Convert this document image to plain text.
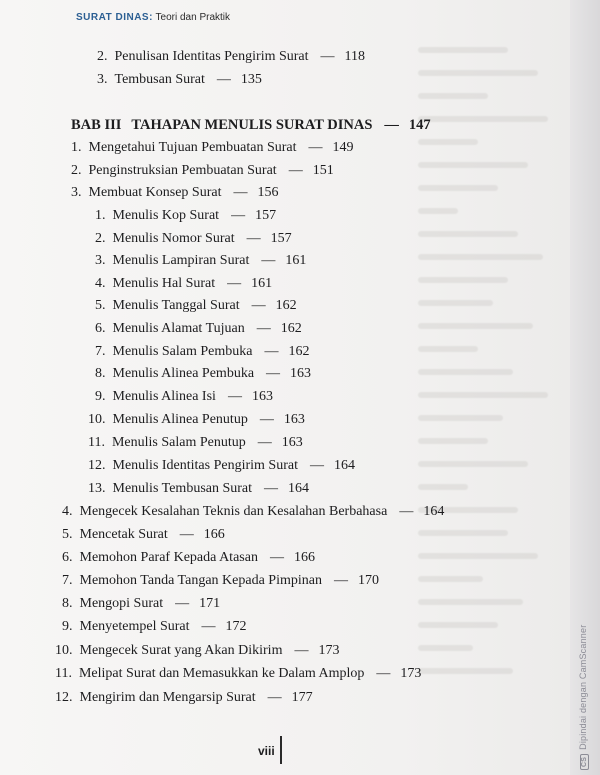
SURAT DINAS: Teori dan Praktik
2. Penulisan Identitas Pengirim Surat — 118
3. Tembusan Surat — 135
BAB III TAHAPAN MENULIS SURAT DINAS — 147
1. Mengetahui Tujuan Pembuatan Surat — 149
2. Penginstruksian Pembuatan Surat — 151
3. Membuat Konsep Surat — 156
1. Menulis Kop Surat — 157
2. Menulis Nomor Surat — 157
3. Menulis Lampiran Surat — 161
4. Menulis Hal Surat — 161
5. Menulis Tanggal Surat — 162
6. Menulis Alamat Tujuan — 162
7. Menulis Salam Pembuka — 162
8. Menulis Alinea Pembuka — 163
9. Menulis Alinea Isi — 163
10. Menulis Alinea Penutup — 163
11. Menulis Salam Penutup — 163
12. Menulis Identitas Pengirim Surat — 164
13. Menulis Tembusan Surat — 164
4. Mengecek Kesalahan Teknis dan Kesalahan Berbahasa — 164
5. Mencetak Surat — 166
6. Memohon Paraf Kepada Atasan — 166
7. Memohon Tanda Tangan Kepada Pimpinan — 170
8. Mengopi Surat — 171
9. Menyetempel Surat — 172
10. Mengecek Surat yang Akan Dikirim — 173
11. Melipat Surat dan Memasukkan ke Dalam Amplop — 173
12. Mengirim dan Mengarsip Surat — 177
viii
CSDipindai dengan CamScanner
